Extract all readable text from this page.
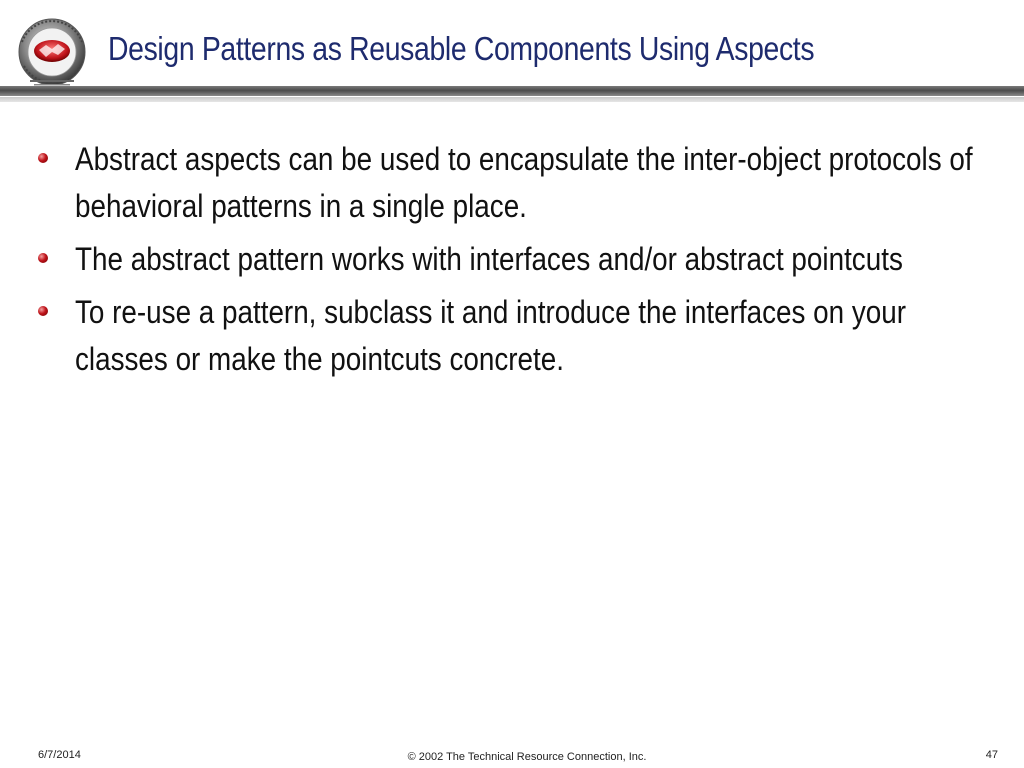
Design Patterns as Reusable Components Using Aspects
Abstract aspects can be used to encapsulate the inter-object protocols of behavioral patterns in a single place.
The abstract pattern works with interfaces and/or abstract pointcuts
To re-use a pattern, subclass it and introduce the interfaces on your classes or make the pointcuts concrete.
6/7/2014	© 2002 The Technical Resource Connection, Inc.	47
